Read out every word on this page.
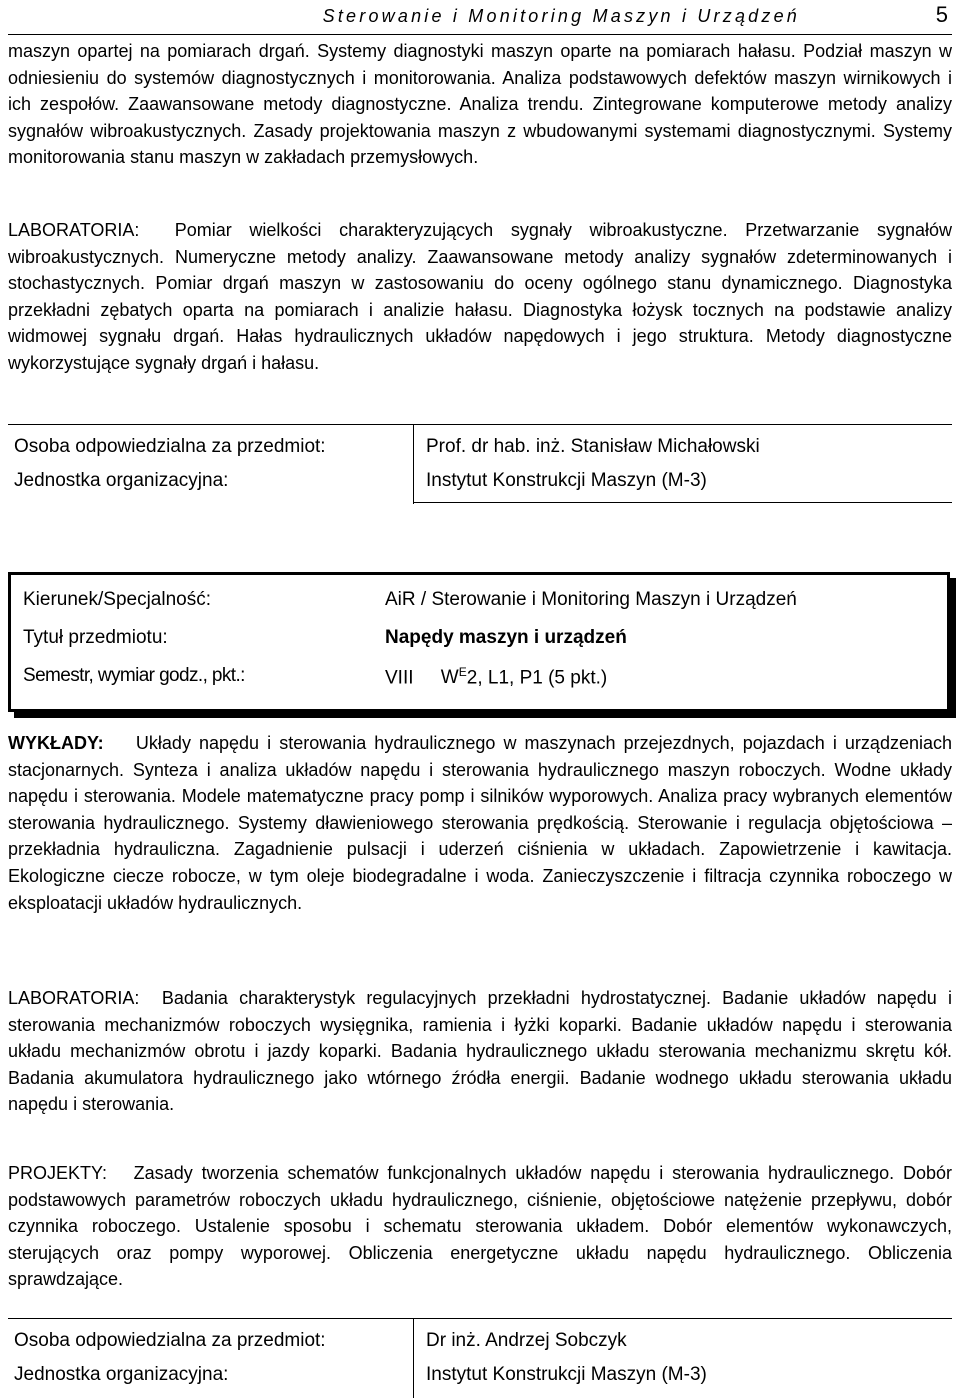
Sterowanie i Monitoring Maszyn i Urządzeń	5

maszyn opartej na pomiarach drgań. Systemy diagnostyki maszyn oparte na pomiarach hałasu. Podział maszyn w odniesieniu do systemów diagnostycznych i monitorowania. Analiza podstawowych defektów maszyn wirnikowych i ich zespołów. Zaawansowane metody diagnostyczne. Analiza trendu. Zintegrowane komputerowe metody analizy sygnałów wibroakustycznych. Zasady projektowania maszyn z wbudowanymi systemami diagnostycznymi. Systemy monitorowania stanu maszyn w zakładach przemysłowych.

LABORATORIA: Pomiar wielkości charakteryzujących sygnały wibroakustyczne. Przetwarzanie sygnałów wibroakustycznych. Numeryczne metody analizy. Zaawansowane metody analizy sygnałów zdeterminowanych i stochastycznych. Pomiar drgań maszyn w zastosowaniu do oceny ogólnego stanu dynamicznego. Diagnostyka przekładni zębatych oparta na pomiarach i analizie hałasu. Diagnostyka łożysk tocznych na podstawie analizy widmowej sygnału drgań. Hałas hydraulicznych układów napędowych i jego struktura. Metody diagnostyczne wykorzystujące sygnały drgań i hałasu.

Osoba odpowiedzialna za przedmiot:	Prof. dr hab. inż. Stanisław Michałowski
Jednostka organizacyjna:	Instytut Konstrukcji Maszyn (M-3)
Kierunek/Specjalność:	AiR / Sterowanie i Monitoring Maszyn i Urządzeń
Tytuł przedmiotu:	Napędy maszyn i urządzeń
Semestr, wymiar godz., pkt.:	VIII $W^E2$, L1, P1 (5 pkt.)

WYKŁADY: Układy napędu i sterowania hydraulicznego w maszynach przejezdnych, pojazdach i urządzeniach stacjonarnych. Synteza i analiza układów napędu i sterowania hydraulicznego maszyn roboczych. Wodne układy napędu i sterowania. Modele matematyczne pracy pomp i silników wyporowych. Analiza pracy wybranych elementów sterowania hydraulicznego. Systemy dławieniowego sterowania prędkością. Sterowanie i regulacja objętościowa – przekładnia hydrauliczna. Zagadnienie pulsacji i uderzeń ciśnienia w układach. Zapowietrzenie i kawitacja. Ekologiczne ciecze robocze, w tym oleje biodegradalne i woda. Zanieczyszczenie i filtracja czynnika roboczego w eksploatacji układów hydraulicznych.

LABORATORIA: Badania charakterystyk regulacyjnych przekładni hydrostatycznej. Badanie układów napędu i sterowania mechanizmów roboczych wysięgnika, ramienia i łyżki koparki. Badanie układów napędu i sterowania układu mechanizmów obrotu i jazdy koparki. Badania hydraulicznego układu sterowania mechanizmu skrętu kół. Badania akumulatora hydraulicznego jako wtórnego źródła energii. Badanie wodnego układu sterowania układu napędu i sterowania.

PROJEKTY: Zasady tworzenia schematów funkcjonalnych układów napędu i sterowania hydraulicznego. Dobór podstawowych parametrów roboczych układu hydraulicznego, ciśnienie, objętościowe natężenie przepływu, dobór czynnika roboczego. Ustalenie sposobu i schematu sterowania układem. Dobór elementów wykonawczych, sterujących oraz pompy wyporowej. Obliczenia energetyczne układu napędu hydraulicznego. Obliczenia sprawdzające.

Osoba odpowiedzialna za przedmiot:	Dr inż. Andrzej Sobczyk
Jednostka organizacyjna:	Instytut Konstrukcji Maszyn (M-3)
